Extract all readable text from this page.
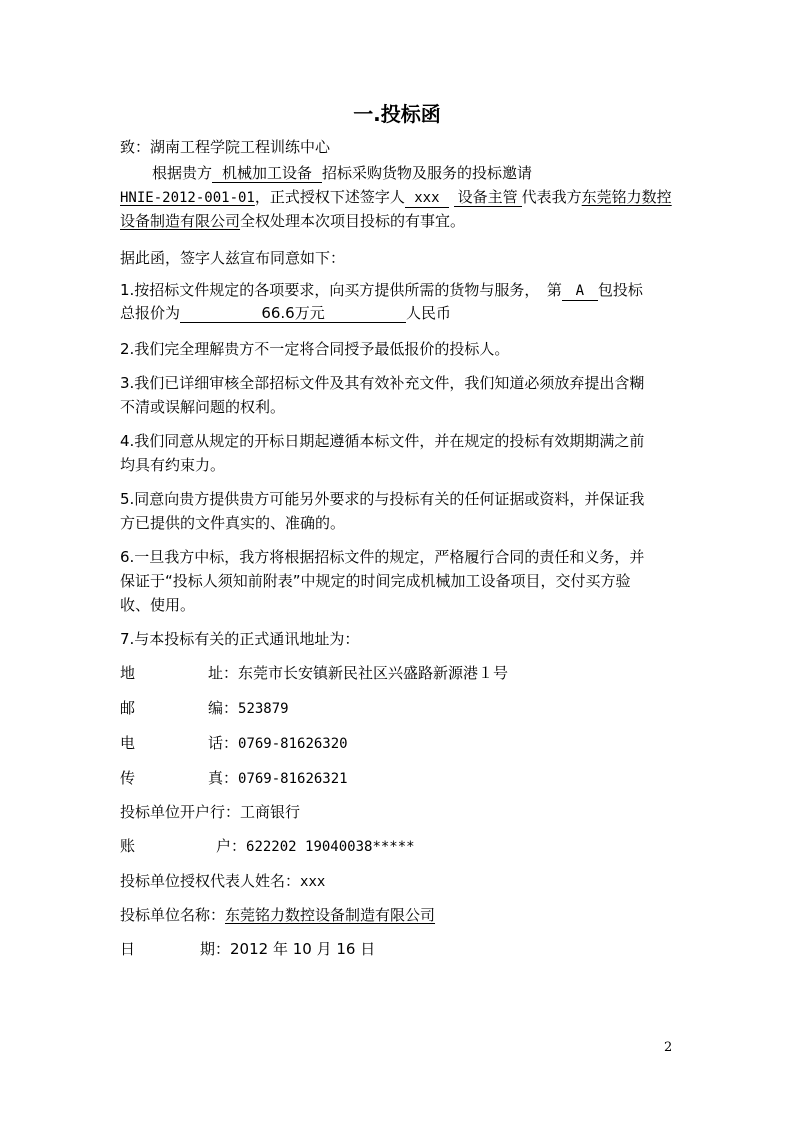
一.投标函
致：湖南工程学院工程训练中心
根据贵方 机械加工设备 招标采购货物及服务的投标邀请
HNIE-2012-001-01，正式授权下述签字人 xxx 设备主管 代表我方东莞铭力数控
设备制造有限公司全权处理本次项目投标的有事宜。
据此函，签字人兹宣布同意如下：
1.按招标文件规定的各项要求，向买方提供所需的货物与服务，　第 A 包投标
总报价为	66.6万元	人民币
2.我们完全理解贵方不一定将合同授予最低报价的投标人。
3.我们已详细审核全部招标文件及其有效补充文件，我们知道必须放弃提出含糊
不清或误解问题的权利。
4.我们同意从规定的开标日期起遵循本标文件，并在规定的投标有效期期满之前
均具有约束力。
5.同意向贵方提供贵方可能另外要求的与投标有关的任何证据或资料，并保证我
方已提供的文件真实的、准确的。
6.一旦我方中标，我方将根据招标文件的规定，严格履行合同的责任和义务，并
保证于“投标人须知前附表”中规定的时间完成机械加工设备项目，交付买方验
收、使用。
7.与本投标有关的正式通讯地址为：
地	址：东莞市长安镇新民社区兴盛路新源港１号
邮	编：523879
电	话：0769-81626320
传	真：0769-81626321
投标单位开户行：工商银行
账	户：622202 19040038*****
投标单位授权代表人姓名：xxx
投标单位名称：东莞铭力数控设备制造有限公司
日	期：2012 年 10 月 16 日
2
